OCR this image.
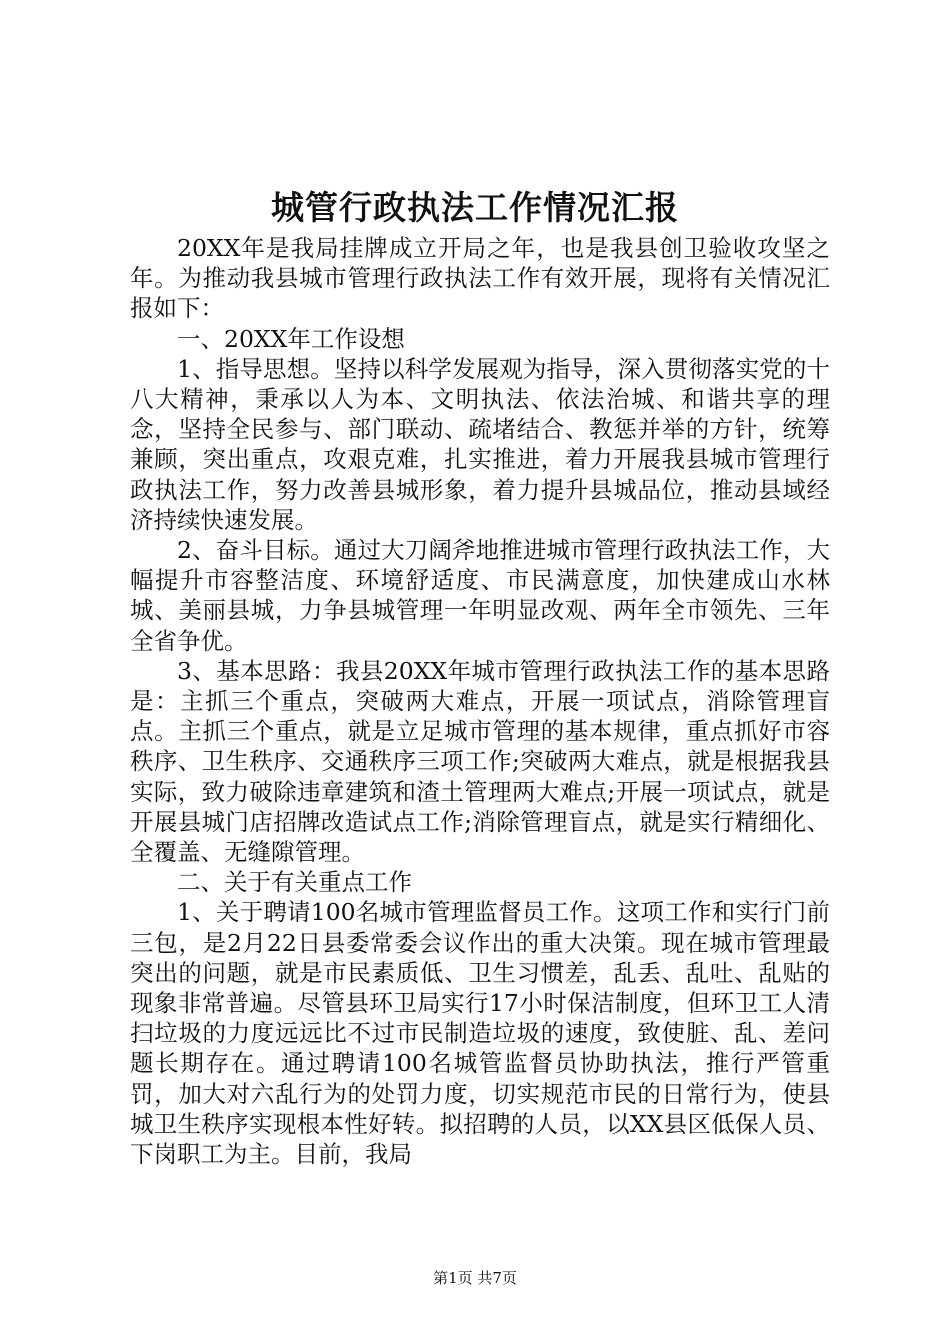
城管行政执法工作情况汇报

20XX年是我局挂牌成立开局之年，也是我县创卫验收攻坚之年。为推动我县城市管理行政执法工作有效开展，现将有关情况汇报如下：

一、20XX年工作设想

1、指导思想。坚持以科学发展观为指导，深入贯彻落实党的十八大精神，秉承以人为本、文明执法、依法治城、和谐共享的理念，坚持全民参与、部门联动、疏堵结合、教惩并举的方针，统筹兼顾，突出重点，攻艰克难，扎实推进，着力开展我县城市管理行政执法工作，努力改善县城形象，着力提升县城品位，推动县域经济持续快速发展。

2、奋斗目标。通过大刀阔斧地推进城市管理行政执法工作，大幅提升市容整洁度、环境舒适度、市民满意度，加快建成山水林城、美丽县城，力争县城管理一年明显改观、两年全市领先、三年全省争优。

3、基本思路：我县20XX年城市管理行政执法工作的基本思路是：主抓三个重点，突破两大难点，开展一项试点，消除管理盲点。主抓三个重点，就是立足城市管理的基本规律，重点抓好市容秩序、卫生秩序、交通秩序三项工作;突破两大难点，就是根据我县实际，致力破除违章建筑和渣土管理两大难点;开展一项试点，就是开展县城门店招牌改造试点工作;消除管理盲点，就是实行精细化、全覆盖、无缝隙管理。

二、关于有关重点工作

1、关于聘请100名城市管理监督员工作。这项工作和实行门前三包，是2月22日县委常委会议作出的重大决策。现在城市管理最突出的问题，就是市民素质低、卫生习惯差，乱丢、乱吐、乱贴的现象非常普遍。尽管县环卫局实行17小时保洁制度，但环卫工人清扫垃圾的力度远远比不过市民制造垃圾的速度，致使脏、乱、差问题长期存在。通过聘请100名城管监督员协助执法，推行严管重罚，加大对六乱行为的处罚力度，切实规范市民的日常行为，使县城卫生秩序实现根本性好转。拟招聘的人员，以XX县区低保人员、下岗职工为主。目前，我局

第1页 共7页
